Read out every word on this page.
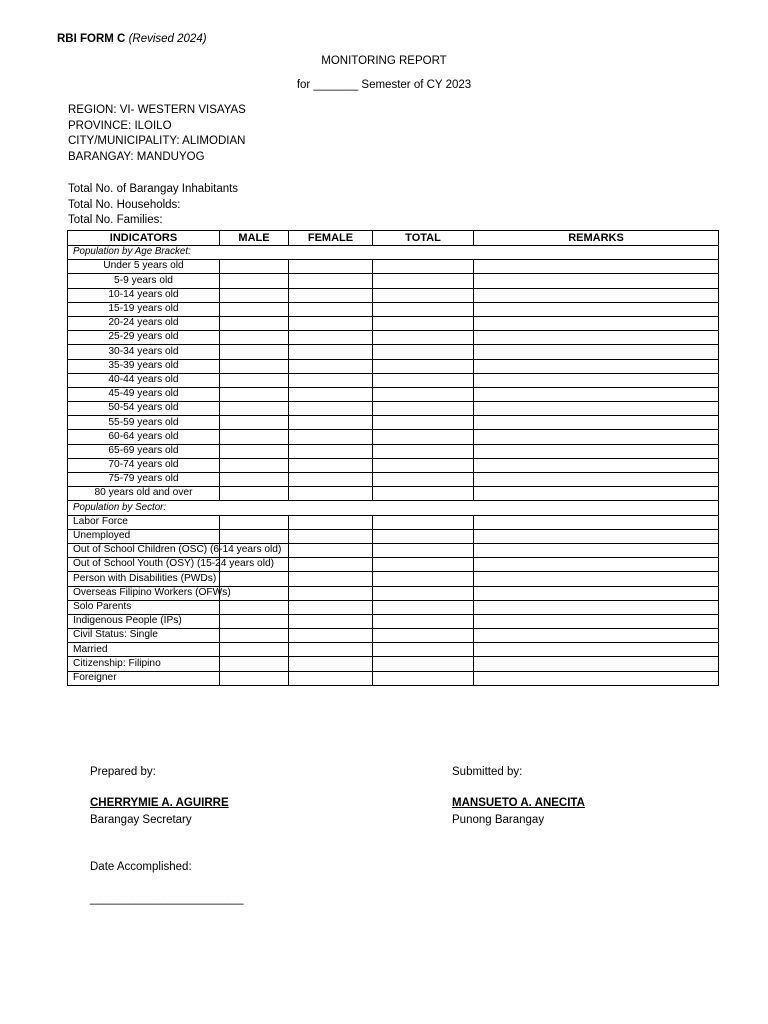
RBI FORM C (Revised 2024)
MONITORING REPORT
for _______ Semester of CY 2023
REGION: VI- WESTERN VISAYAS
PROVINCE: ILOILO
CITY/MUNICIPALITY: ALIMODIAN
BARANGAY: MANDUYOG
Total No. of Barangay Inhabitants
Total No. Households:
Total No. Families:
INDICATORS	MALE	FEMALE	TOTAL	REMARKS
Population by Age Bracket:				
Under 5 years old				
5-9 years old				
10-14 years old				
15-19 years old				
20-24 years old				
25-29 years old				
30-34 years old				
35-39 years old				
40-44 years old				
45-49 years old				
50-54 years old				
55-59 years old				
60-64 years old				
65-69 years old				
70-74 years old				
75-79 years old				
80 years old and over				
Population by Sector:				
Labor Force				
Unemployed				
Out of School Children (OSC) (6-14 years old)				
Out of School Youth (OSY) (15-24 years old)				
Person with Disabilities (PWDs)				
Overseas Filipino Workers (OFWs)				
Solo Parents				
Indigenous People (IPs)				
Civil Status: Single				
Married				
Citizenship: Filipino				
Foreigner				
Prepared by:	Submitted by:
CHERRYMIE A. AGUIRRE	MANSUETO A. ANECITA
Barangay Secretary	Punong Barangay
Date Accomplished:
________________________
